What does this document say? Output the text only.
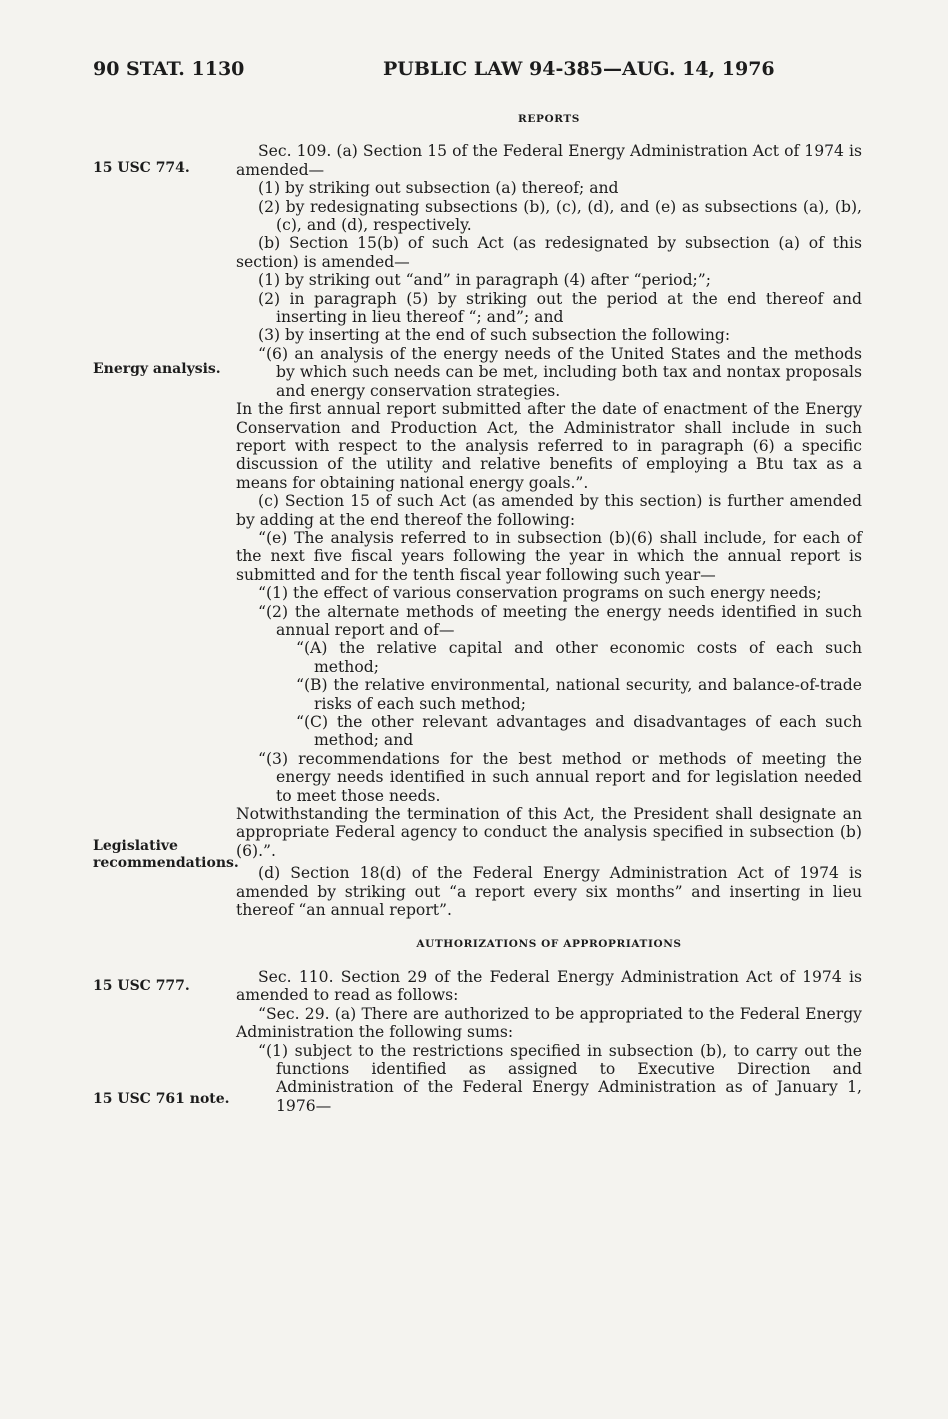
90 STAT. 1130	PUBLIC LAW 94-385—AUG. 14, 1976
15 USC 774.
Energy analysis.
Legislative
recommendations.
15 USC 777.
15 USC 761 note.

REPORTS

Sec. 109. (a) Section 15 of the Federal Energy Administration Act of 1974 is amended—

(1) by striking out subsection (a) thereof; and

(2) by redesignating subsections (b), (c), (d), and (e) as subsections (a), (b), (c), and (d), respectively.

(b) Section 15(b) of such Act (as redesignated by subsection (a) of this section) is amended—

(1) by striking out “and” in paragraph (4) after “period;”;

(2) in paragraph (5) by striking out the period at the end thereof and inserting in lieu thereof “; and”; and

(3) by inserting at the end of such subsection the following:

“(6) an analysis of the energy needs of the United States and the methods by which such needs can be met, including both tax and nontax proposals and energy conservation strategies.

In the first annual report submitted after the date of enactment of the Energy Conservation and Production Act, the Administrator shall include in such report with respect to the analysis referred to in paragraph (6) a specific discussion of the utility and relative benefits of employing a Btu tax as a means for obtaining national energy goals.”.

(c) Section 15 of such Act (as amended by this section) is further amended by adding at the end thereof the following:

“(e) The analysis referred to in subsection (b)(6) shall include, for each of the next five fiscal years following the year in which the annual report is submitted and for the tenth fiscal year following such year—

“(1) the effect of various conservation programs on such energy needs;

“(2) the alternate methods of meeting the energy needs identified in such annual report and of—

“(A) the relative capital and other economic costs of each such method;

“(B) the relative environmental, national security, and balance-of-trade risks of each such method;

“(C) the other relevant advantages and disadvantages of each such method; and

“(3) recommendations for the best method or methods of meeting the energy needs identified in such annual report and for legislation needed to meet those needs.

Notwithstanding the termination of this Act, the President shall designate an appropriate Federal agency to conduct the analysis specified in subsection (b)(6).”.

(d) Section 18(d) of the Federal Energy Administration Act of 1974 is amended by striking out “a report every six months” and inserting in lieu thereof “an annual report”.

AUTHORIZATIONS OF APPROPRIATIONS

Sec. 110. Section 29 of the Federal Energy Administration Act of 1974 is amended to read as follows:

“Sec. 29. (a) There are authorized to be appropriated to the Federal Energy Administration the following sums:

“(1) subject to the restrictions specified in subsection (b), to carry out the functions identified as assigned to Executive Direction and Administration of the Federal Energy Administration as of January 1, 1976—
